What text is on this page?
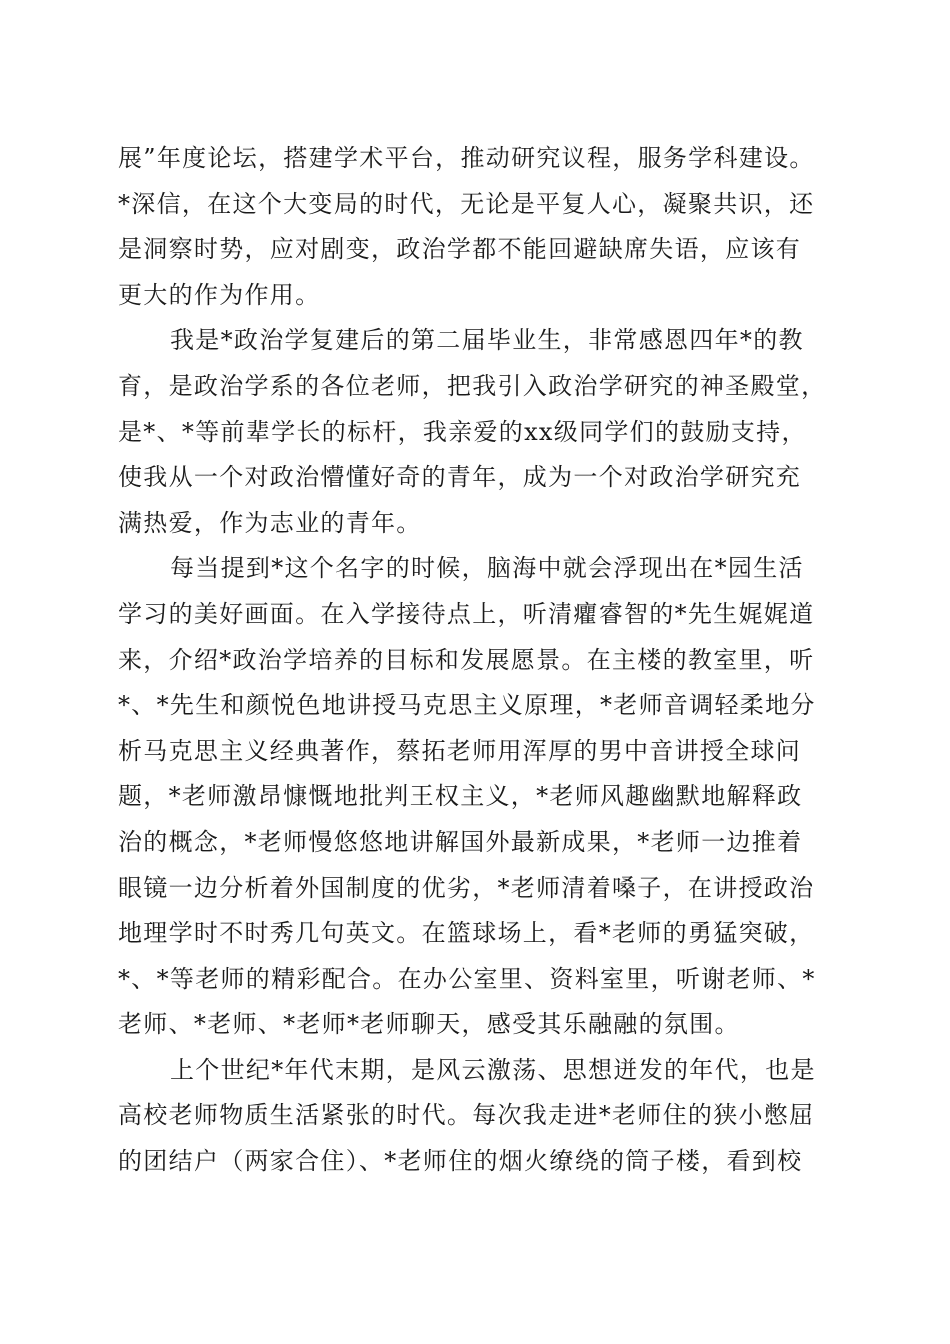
展”年度论坛，搭建学术平台，推动研究议程，服务学科建设。
*深信，在这个大变局的时代，无论是平复人心，凝聚共识，还
是洞察时势，应对剧变，政治学都不能回避缺席失语，应该有
更大的作为作用。
我是*政治学复建后的第二届毕业生，非常感恩四年*的教
育，是政治学系的各位老师，把我引入政治学研究的神圣殿堂，
是*、*等前辈学长的标杆，我亲爱的xx级同学们的鼓励支持，
使我从一个对政治懵懂好奇的青年，成为一个对政治学研究充
满热爱，作为志业的青年。
每当提到*这个名字的时候，脑海中就会浮现出在*园生活
学习的美好画面。在入学接待点上，听清癯睿智的*先生娓娓道
来，介绍*政治学培养的目标和发展愿景。在主楼的教室里，听
*、*先生和颜悦色地讲授马克思主义原理，*老师音调轻柔地分
析马克思主义经典著作，蔡拓老师用浑厚的男中音讲授全球问
题，*老师激昂慷慨地批判王权主义，*老师风趣幽默地解释政
治的概念，*老师慢悠悠地讲解国外最新成果，*老师一边推着
眼镜一边分析着外国制度的优劣，*老师清着嗓子，在讲授政治
地理学时不时秀几句英文。在篮球场上，看*老师的勇猛突破，
*、*等老师的精彩配合。在办公室里、资料室里，听谢老师、*
老师、*老师、*老师*老师聊天，感受其乐融融的氛围。
上个世纪*年代末期，是风云激荡、思想迸发的年代，也是
高校老师物质生活紧张的时代。每次我走进*老师住的狭小憋屈
的团结户（两家合住）、*老师住的烟火缭绕的筒子楼，看到校
